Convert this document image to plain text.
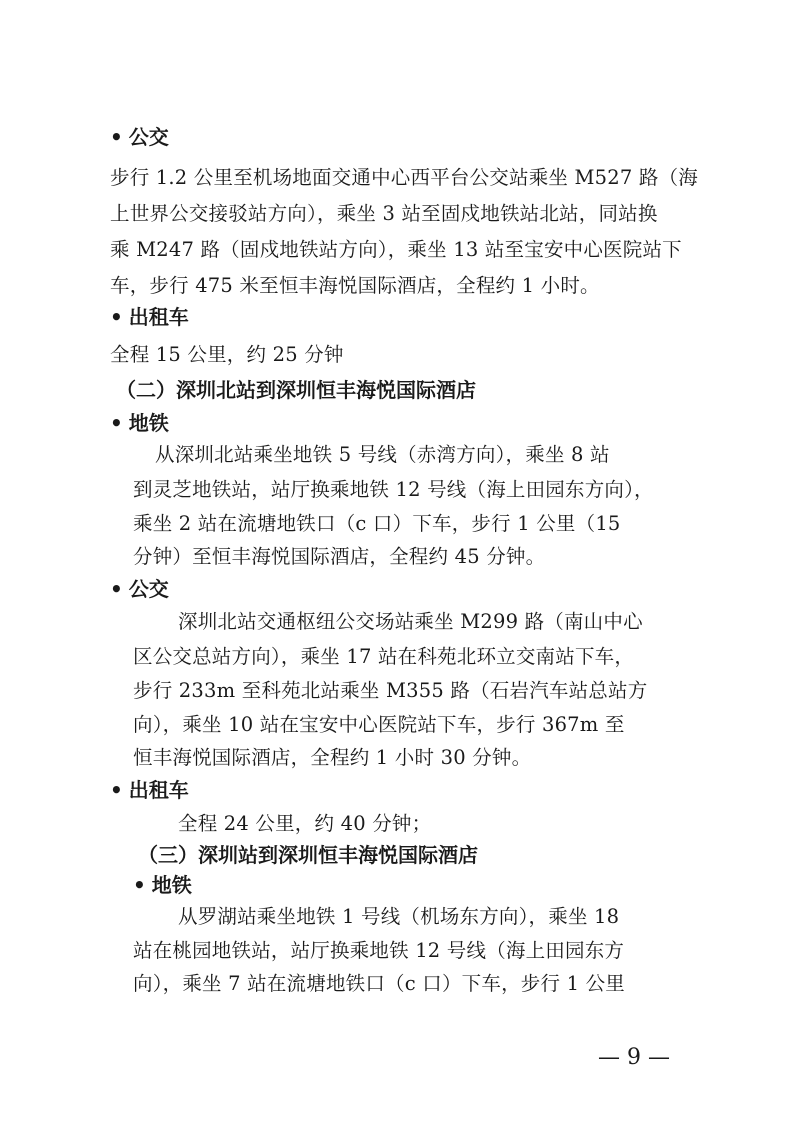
• 公交
步行 1.2 公里至机场地面交通中心西平台公交站乘坐 M527 路（海
上世界公交接驳站方向），乘坐 3 站至固戍地铁站北站，同站换
乘 M247 路（固戍地铁站方向），乘坐 13 站至宝安中心医院站下
车，步行 475 米至恒丰海悦国际酒店，全程约 1 小时。
• 出租车
全程 15 公里，约 25 分钟
（二）深圳北站到深圳恒丰海悦国际酒店
• 地铁
从深圳北站乘坐地铁 5 号线（赤湾方向），乘坐 8 站
到灵芝地铁站，站厅换乘地铁 12 号线（海上田园东方向），
乘坐 2 站在流塘地铁口（c 口）下车，步行 1 公里（15
分钟）至恒丰海悦国际酒店，全程约 45 分钟。
• 公交
深圳北站交通枢纽公交场站乘坐 M299 路（南山中心
区公交总站方向），乘坐 17 站在科苑北环立交南站下车，
步行 233m 至科苑北站乘坐 M355 路（石岩汽车站总站方
向），乘坐 10 站在宝安中心医院站下车，步行 367m 至
恒丰海悦国际酒店，全程约 1 小时 30 分钟。
• 出租车
全程 24 公里，约 40 分钟；
（三）深圳站到深圳恒丰海悦国际酒店
• 地铁
从罗湖站乘坐地铁 1 号线（机场东方向），乘坐 18
站在桃园地铁站，站厅换乘地铁 12 号线（海上田园东方
向），乘坐 7 站在流塘地铁口（c 口）下车，步行 1 公里
— 9 —
